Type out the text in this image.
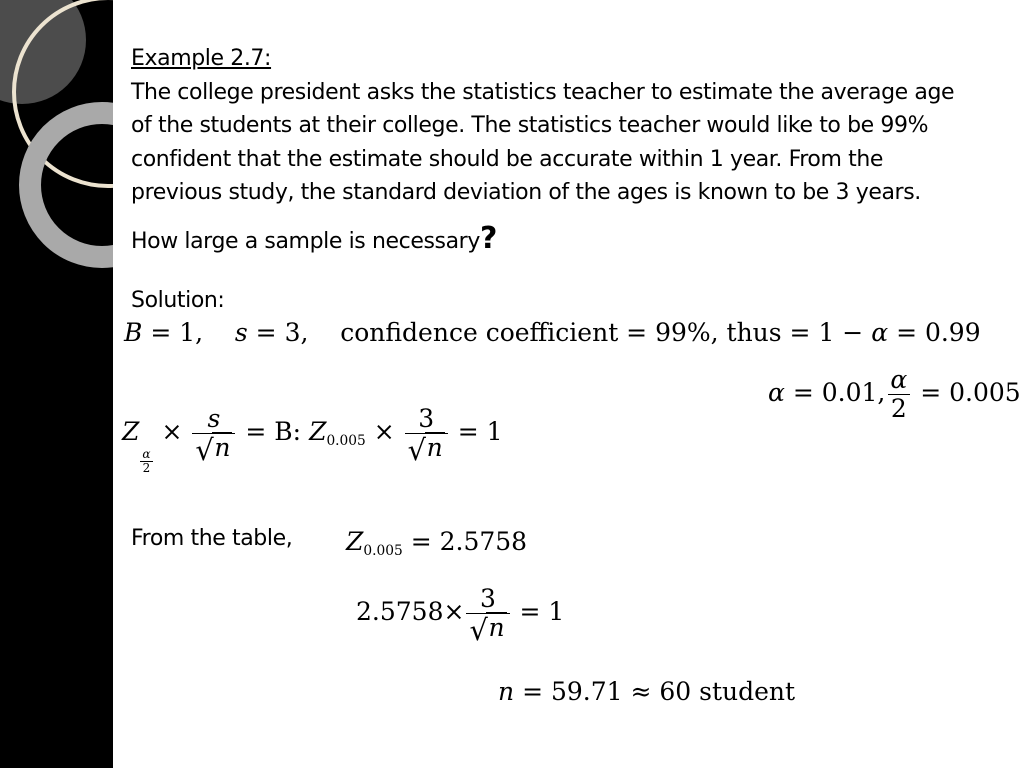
Example 2.7:
The college president asks the statistics teacher to estimate the average age
of the students at their college. The statistics teacher would like to be 99%
confident that the estimate should be accurate within 1 year. From the
previous study, the standard deviation of the ages is known to be 3 years.
How large a sample is necessary?
Solution:
B = 1, s = 3, confidence coefficient = 99%, thus = 1 − α = 0.99
α = 0.01, $\frac{\alpha}{2} = 0.005$
Z
$\frac{\alpha}{2}$
× $\frac{s}{√ n} = B$: $Z_{0.005} \times \frac{3}{√ n} = 1$
From the table, $Z_{0.005} = 2.5758$
$2.5758\times \frac{3}{√ n} = 1$
n = 59.71 ≈ 60 student
